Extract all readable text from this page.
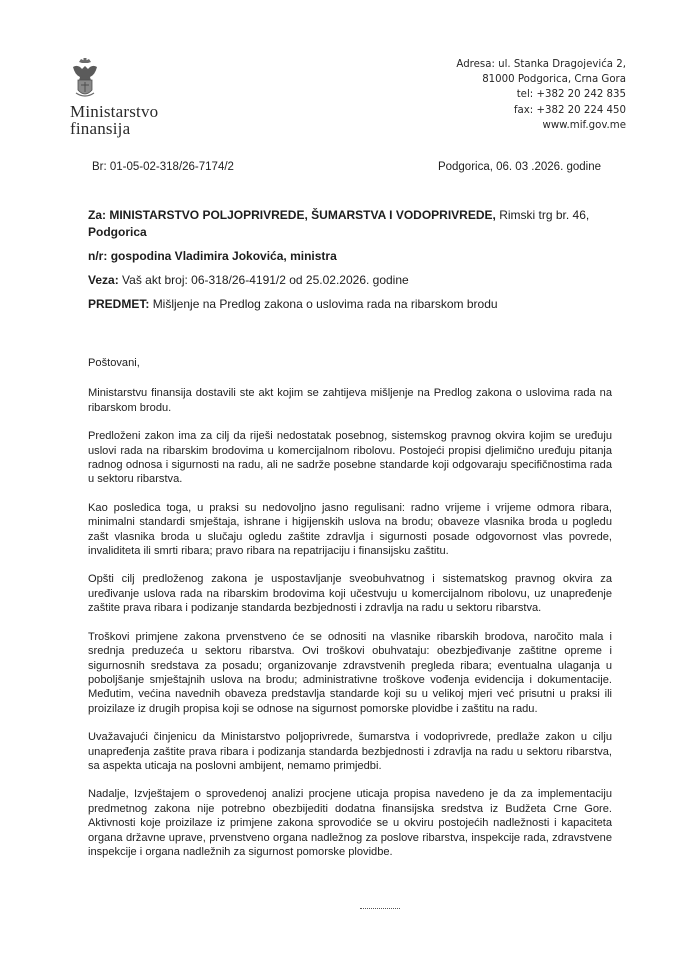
Ministarstvo
finansija
Adresa: ul. Stanka Dragojevića 2,
81000 Podgorica, Crna Gora
tel: +382 20 242 835
fax: +382 20 224 450
www.mif.gov.me
Br: 01-05-02-318/26-7174/2	Podgorica, 06. 03 .2026. godine

Za: MINISTARSTVO POLJOPRIVREDE, ŠUMARSTVA I VODOPRIVREDE, Rimski trg br. 46,
Podgorica

n/r: gospodina Vladimira Jokovića, ministra

Veza: Vaš akt broj: 06-318/26-4191/2 od 25.02.2026. godine

PREDMET: Mišljenje na Predlog zakona o uslovima rada na ribarskom brodu

Poštovani,

Ministarstvu finansija dostavili ste akt kojim se zahtijeva mišljenje na Predlog zakona o uslovima rada na ribarskom brodu.

Predloženi zakon ima za cilj da riješi nedostatak posebnog, sistemskog pravnog okvira kojim se uređuju uslovi rada na ribarskim brodovima u komercijalnom ribolovu. Postojeći propisi djelimično uređuju pitanja radnog odnosa i sigurnosti na radu, ali ne sadrže posebne standarde koji odgovaraju specifičnostima rada u sektoru ribarstva.

Kao posledica toga, u praksi su nedovoljno jasno regulisani: radno vrijeme i vrijeme odmora ribara, minimalni standardi smještaja, ishrane i higijenskih uslova na brodu; obaveze vlasnika broda u pogledu zašt vlasnika broda u slučaju ogledu zaštite zdravlja i sigurnosti posade odgovornost vlas povrede, invaliditeta ili smrti ribara; pravo ribara na repatrijaciju i finansijsku zaštitu.

Opšti cilj predloženog zakona je uspostavljanje sveobuhvatnog i sistematskog pravnog okvira za uređivanje uslova rada na ribarskim brodovima koji učestvuju u komercijalnom ribolovu, uz unapređenje zaštite prava ribara i podizanje standarda bezbjednosti i zdravlja na radu u sektoru ribarstva.

Troškovi primjene zakona prvenstveno će se odnositi na vlasnike ribarskih brodova, naročito mala i srednja preduzeća u sektoru ribarstva. Ovi troškovi obuhvataju: obezbjeđivanje zaštitne opreme i sigurnosnih sredstava za posadu; organizovanje zdravstvenih pregleda ribara; eventualna ulaganja u poboljšanje smještajnih uslova na brodu; administrativne troškove vođenja evidencija i dokumentacije. Međutim, većina navednih obaveza predstavlja standarde koji su u velikoj mjeri već prisutni u praksi ili proizilaze iz drugih propisa koji se odnose na sigurnost pomorske plovidbe i zaštitu na radu.

Uvažavajući činjenicu da Ministarstvo poljoprivrede, šumarstva i vodoprivrede, predlaže zakon u cilju unapređenja zaštite prava ribara i podizanja standarda bezbjednosti i zdravlja na radu u sektoru ribarstva, sa aspekta uticaja na poslovni ambijent, nemamo primjedbi.

Nadalje, Izvještajem o sprovedenoj analizi procjene uticaja propisa navedeno je da za implementaciju predmetnog zakona nije potrebno obezbijediti dodatna finansijska sredstva iz Budžeta Crne Gore. Aktivnosti koje proizilaze iz primjene zakona sprovodiće se u okviru postojećih nadležnosti i kapaciteta organa državne uprave, prvenstveno organa nadležnog za poslove ribarstva, inspekcije rada, zdravstvene inspekcije i organa nadležnih za sigurnost pomorske plovidbe.
